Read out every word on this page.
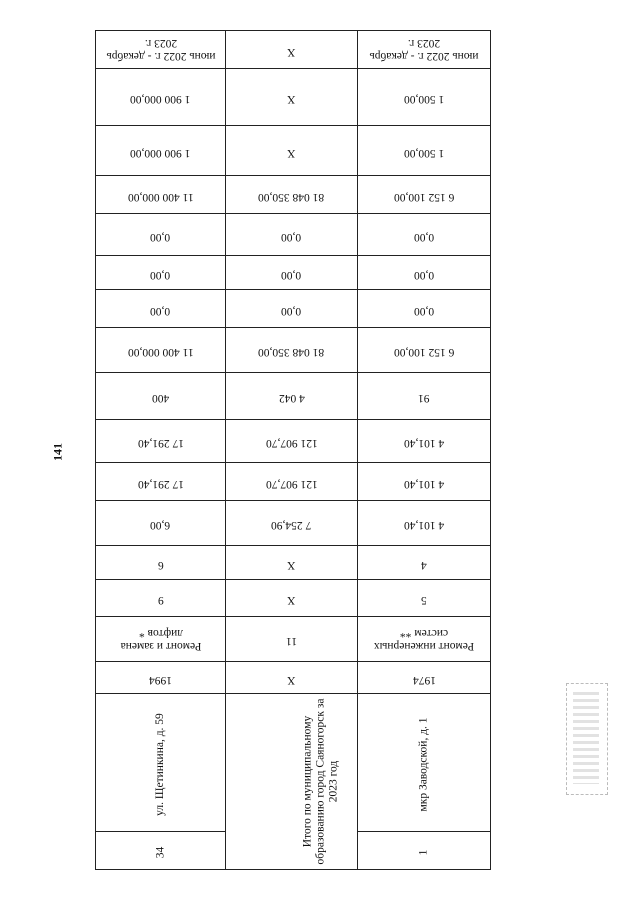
141
июнь 2022 г. - декабрь 2023 г.	X	июнь 2022 г. - декабрь 2023 г.
1 900 000,00	X	1 500,00
1 900 000,00	X	1 500,00
11 400 000,00	81 048 350,00	6 152 100,00
0,00	0,00	0,00
0,00	0,00	0,00
0,00	0,00	0,00
11 400 000,00	81 048 350,00	6 152 100,00
400	4 042	91
17 291,40	121 907,70	4 101,40
17 291,40	121 907,70	4 101,40
6,00	7 254,90	4 101,40
6	X	4
9	X	5
Ремонт и замена лифтов *	11	Ремонт инженерных систем **
1994	X	1974
ул. Щетинкина, д. 59	Итого по муниципальному образованию город Саяногорск за 2023 год	мкр Заводской, д. 1
34		1
